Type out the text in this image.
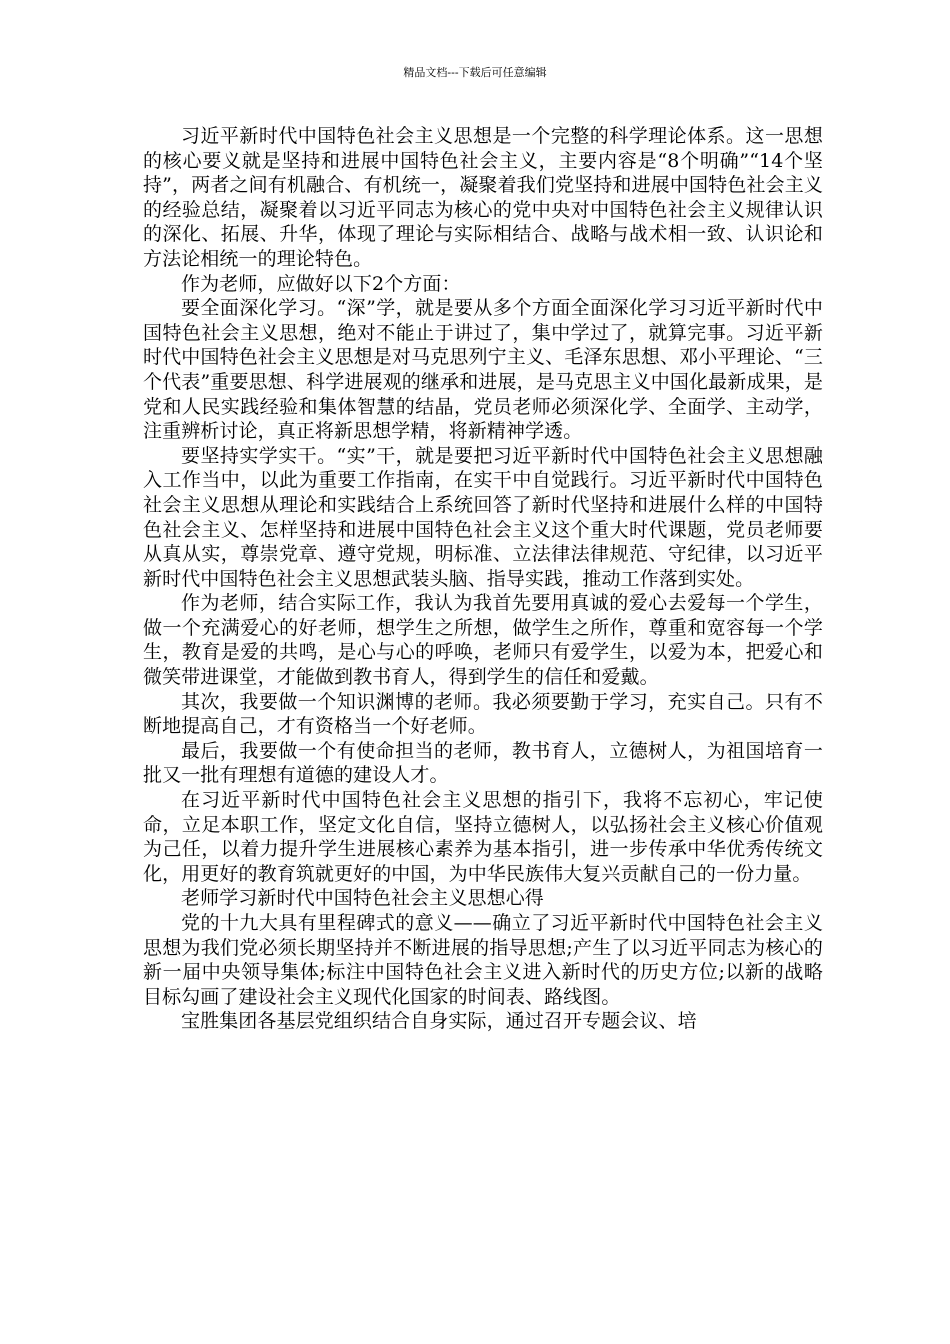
精品文档---下载后可任意编辑

习近平新时代中国特色社会主义思想是一个完整的科学理论体系。这一思想的核心要义就是坚持和进展中国特色社会主义，主要内容是“8个明确”“14个坚持”，两者之间有机融合、有机统一，凝聚着我们党坚持和进展中国特色社会主义的经验总结，凝聚着以习近平同志为核心的党中央对中国特色社会主义规律认识的深化、拓展、升华，体现了理论与实际相结合、战略与战术相一致、认识论和方法论相统一的理论特色。

作为老师，应做好以下2个方面：

要全面深化学习。“深”学，就是要从多个方面全面深化学习习近平新时代中国特色社会主义思想，绝对不能止于讲过了，集中学过了，就算完事。习近平新时代中国特色社会主义思想是对马克思列宁主义、毛泽东思想、邓小平理论、“三个代表”重要思想、科学进展观的继承和进展，是马克思主义中国化最新成果，是党和人民实践经验和集体智慧的结晶，党员老师必须深化学、全面学、主动学，注重辨析讨论，真正将新思想学精，将新精神学透。

要坚持实学实干。“实”干，就是要把习近平新时代中国特色社会主义思想融入工作当中，以此为重要工作指南，在实干中自觉践行。习近平新时代中国特色社会主义思想从理论和实践结合上系统回答了新时代坚持和进展什么样的中国特色社会主义、怎样坚持和进展中国特色社会主义这个重大时代课题，党员老师要从真从实，尊崇党章、遵守党规，明标准、立法律法律规范、守纪律，以习近平新时代中国特色社会主义思想武装头脑、指导实践，推动工作落到实处。

作为老师，结合实际工作，我认为我首先要用真诚的爱心去爱每一个学生，做一个充满爱心的好老师，想学生之所想，做学生之所作，尊重和宽容每一个学生，教育是爱的共鸣，是心与心的呼唤，老师只有爱学生，以爱为本，把爱心和微笑带进课堂，才能做到教书育人，得到学生的信任和爱戴。

其次，我要做一个知识渊博的老师。我必须要勤于学习，充实自己。只有不断地提高自己，才有资格当一个好老师。

最后，我要做一个有使命担当的老师，教书育人，立德树人，为祖国培育一批又一批有理想有道德的建设人才。

在习近平新时代中国特色社会主义思想的指引下，我将不忘初心，牢记使命，立足本职工作，坚定文化自信，坚持立德树人，以弘扬社会主义核心价值观为己任，以着力提升学生进展核心素养为基本指引，进一步传承中华优秀传统文化，用更好的教育筑就更好的中国，为中华民族伟大复兴贡献自己的一份力量。

老师学习新时代中国特色社会主义思想心得

党的十九大具有里程碑式的意义——确立了习近平新时代中国特色社会主义思想为我们党必须长期坚持并不断进展的指导思想;产生了以习近平同志为核心的新一届中央领导集体;标注中国特色社会主义进入新时代的历史方位;以新的战略目标勾画了建设社会主义现代化国家的时间表、路线图。

宝胜集团各基层党组织结合自身实际，通过召开专题会议、培
